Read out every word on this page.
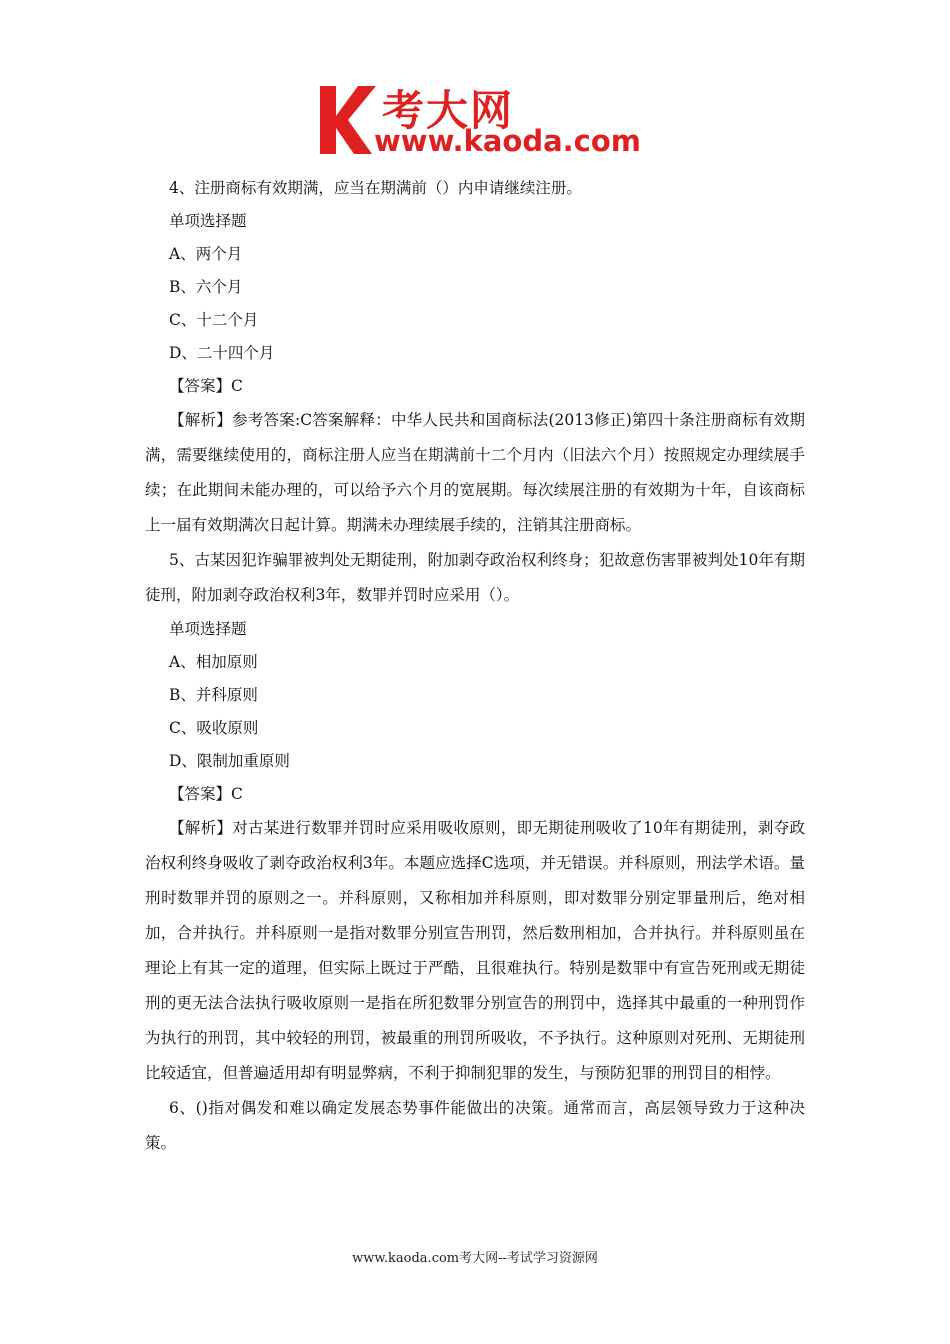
考大网
www.kaoda.com
4、注册商标有效期满，应当在期满前（）内申请继续注册。
单项选择题
A、两个月
B、六个月
C、十二个月
D、二十四个月
【答案】C

【解析】参考答案:C答案解释：中华人民共和国商标法(2013修正)第四十条注册商标有效期满，需要继续使用的，商标注册人应当在期满前十二个月内（旧法六个月）按照规定办理续展手续；在此期间未能办理的，可以给予六个月的宽展期。每次续展注册的有效期为十年，自该商标上一届有效期满次日起计算。期满未办理续展手续的，注销其注册商标。

5、古某因犯诈骗罪被判处无期徒刑，附加剥夺政治权利终身；犯故意伤害罪被判处10年有期徒刑，附加剥夺政治权利3年，数罪并罚时应采用（）。

单项选择题
A、相加原则
B、并科原则
C、吸收原则
D、限制加重原则
【答案】C

【解析】对古某进行数罪并罚时应采用吸收原则，即无期徒刑吸收了10年有期徒刑，剥夺政治权利终身吸收了剥夺政治权利3年。本题应选择C选项，并无错误。并科原则，刑法学术语。量刑时数罪并罚的原则之一。并科原则，又称相加并科原则，即对数罪分别定罪量刑后，绝对相加，合并执行。并科原则一是指对数罪分别宣告刑罚，然后数刑相加，合并执行。并科原则虽在理论上有其一定的道理，但实际上既过于严酷，且很难执行。特别是数罪中有宣告死刑或无期徒刑的更无法合法执行吸收原则一是指在所犯数罪分别宣告的刑罚中，选择其中最重的一种刑罚作为执行的刑罚，其中较轻的刑罚，被最重的刑罚所吸收，不予执行。这种原则对死刑、无期徒刑比较适宜，但普遍适用却有明显弊病，不利于抑制犯罪的发生，与预防犯罪的刑罚目的相悖。

6、()指对偶发和难以确定发展态势事件能做出的决策。通常而言，高层领导致力于这种决策。

www.kaoda.com考大网--考试学习资源网
